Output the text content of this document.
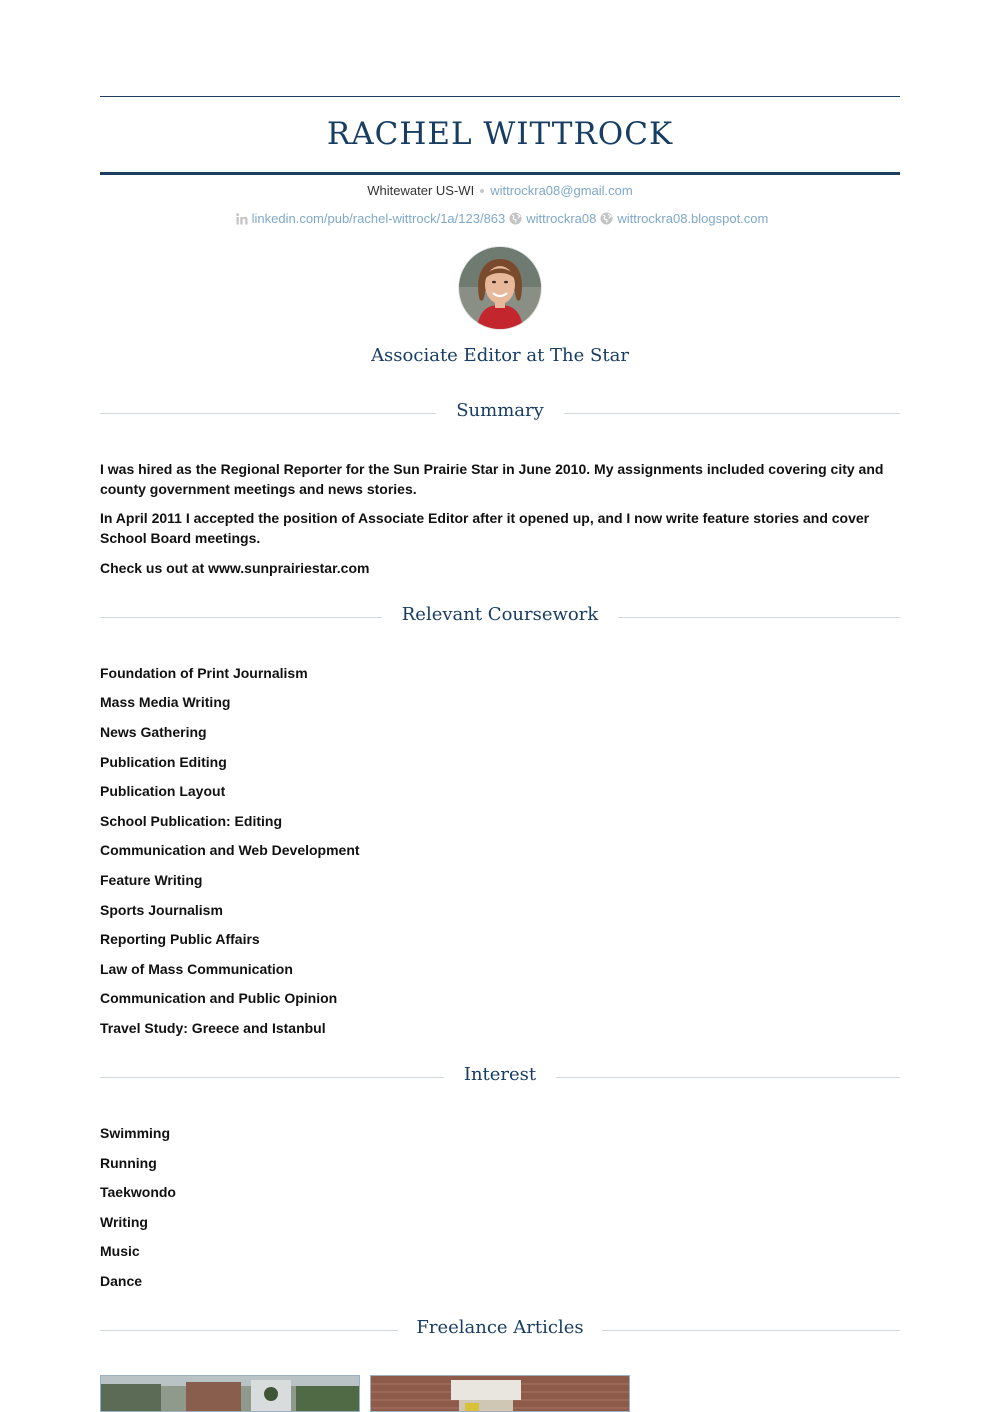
RACHEL WITTROCK
Whitewater US-WI wittrockra08@gmail.com
linkedin.com/pub/rachel-wittrock/1a/123/863 wittrockra08 wittrockra08.blogspot.com
Associate Editor at The Star
Summary
I was hired as the Regional Reporter for the Sun Prairie Star in June 2010. My assignments included covering city and county government meetings and news stories.
In April 2011 I accepted the position of Associate Editor after it opened up, and I now write feature stories and cover School Board meetings.
Check us out at www.sunprairiestar.com
Relevant Coursework
Foundation of Print Journalism
Mass Media Writing
News Gathering
Publication Editing
Publication Layout
School Publication: Editing
Communication and Web Development
Feature Writing
Sports Journalism
Reporting Public Affairs
Law of Mass Communication
Communication and Public Opinion
Travel Study: Greece and Istanbul
Interest
Swimming
Running
Taekwondo
Writing
Music
Dance
Freelance Articles
